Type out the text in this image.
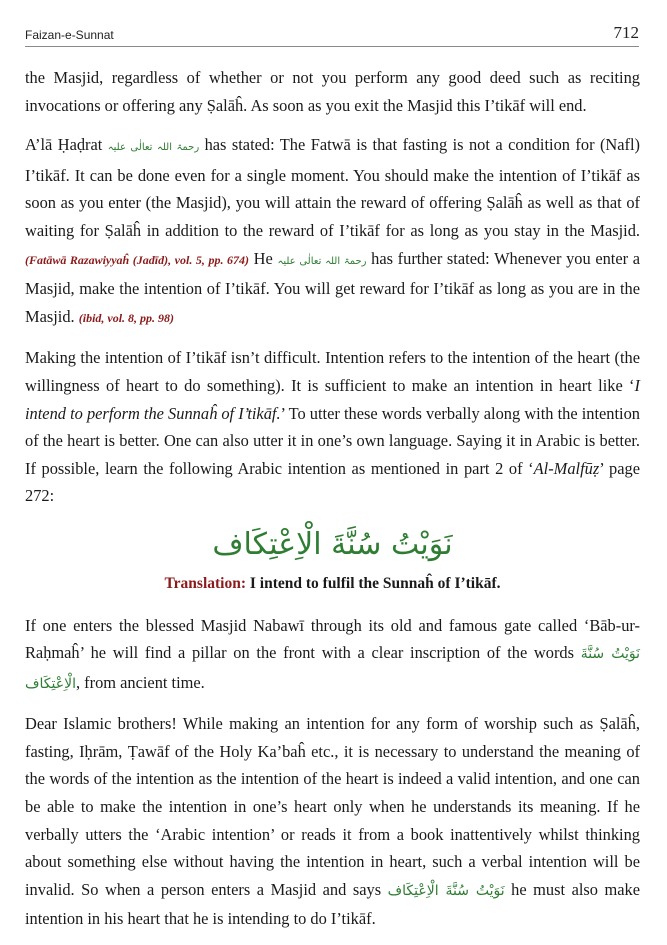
Faizan-e-Sunnat	712

the Masjid, regardless of whether or not you perform any good deed such as reciting invocations or offering any Ṣalāĥ. As soon as you exit the Masjid this I’tikāf will end.

A’lā Ḥaḍrat رحمۃ اللہ تعالٰی علیہ has stated: The Fatwā is that fasting is not a condition for (Nafl) I’tikāf. It can be done even for a single moment. You should make the intention of I’tikāf as soon as you enter (the Masjid), you will attain the reward of offering Ṣalāĥ as well as that of waiting for Ṣalāĥ in addition to the reward of I’tikāf for as long as you stay in the Masjid. (Fatāwā Razawiyyaĥ (Jadīd), vol. 5, pp. 674) He رحمۃ اللہ تعالٰی علیہ has further stated: Whenever you enter a Masjid, make the intention of I’tikāf. You will get reward for I’tikāf as long as you are in the Masjid. (ibid, vol. 8, pp. 98)

Making the intention of I’tikāf isn’t difficult. Intention refers to the intention of the heart (the willingness of heart to do something). It is sufficient to make an intention in heart like ‘I intend to perform the Sunnaĥ of I’tikāf.’ To utter these words verbally along with the intention of the heart is better. One can also utter it in one’s own language. Saying it in Arabic is better. If possible, learn the following Arabic intention as mentioned in part 2 of ‘Al-Malfūẓ’ page 272:

نَوَيْتُ سُنَّةَ الْاِعْتِكَاف
Translation: I intend to fulfil the Sunnaĥ of I’tikāf.

If one enters the blessed Masjid Nabawī through its old and famous gate called ‘Bāb-ur-Raḥmaĥ’ he will find a pillar on the front with a clear inscription of the words نَوَيْتُ سُنَّةَ الْاِعْتِكَاف, from ancient time.

Dear Islamic brothers! While making an intention for any form of worship such as Ṣalāĥ, fasting, Iḥrām, Ṭawāf of the Holy Ka’baĥ etc., it is necessary to understand the meaning of the words of the intention as the intention of the heart is indeed a valid intention, and one can be able to make the intention in one’s heart only when he understands its meaning. If he verbally utters the ‘Arabic intention’ or reads it from a book inattentively whilst thinking about something else without having the intention in heart, such a verbal intention will be invalid. So when a person enters a Masjid and says نَوَيْتُ سُنَّةَ الْاِعْتِكَاف he must also make intention in his heart that he is intending to do I’tikāf.
